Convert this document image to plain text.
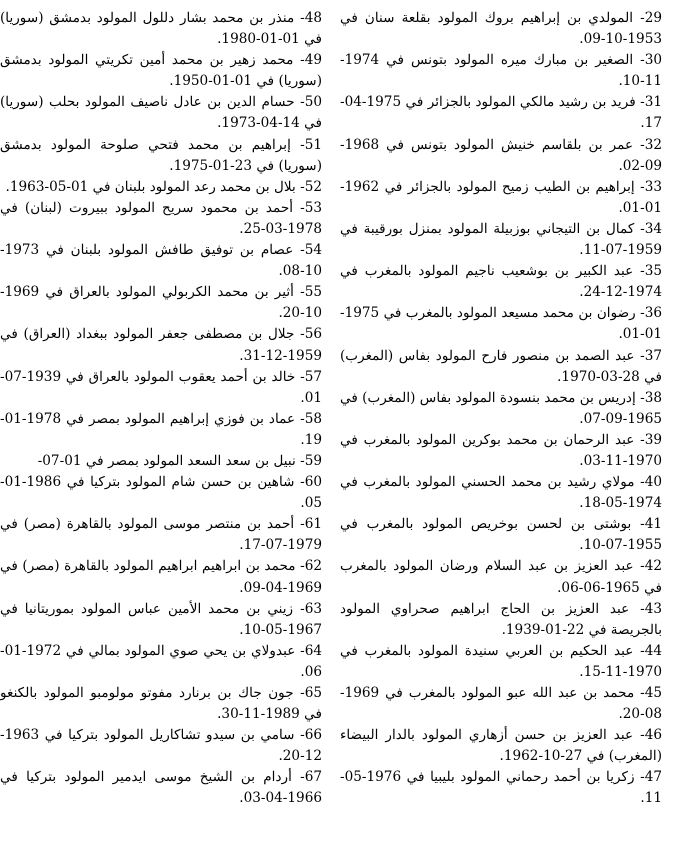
29- المولدي بن إبراهيم بروك المولود بقلعة سنان في 1953-10-09.
30- الصغير بن مبارك ميره المولود بتونس في 1974-11-10.
31- فريد بن رشيد مالكي المولود بالجزائر في 1975-04-17.
32- عمر بن بلقاسم خنيش المولود بتونس في 1968-09-02.
33- إبراهيم بن الطيب زميح المولود بالجزائر في 1962-01-01.
34- كمال بن التيجاني بوزبيلة المولود بمنزل بورقيبة في 1959-07-11.
35- عبد الكبير بن بوشعيب ناجيم المولود بالمغرب في 1974-12-24.
36- رضوان بن محمد مسيعد المولود بالمغرب في 1975-01-01.
37- عبد الصمد بن منصور فارح المولود بفاس (المغرب) في 28-03-1970.
38- إدريس بن محمد بنسودة المولود بفاس (المغرب) في 1965-09-07.
39- عبد الرحمان بن محمد بوكرين المولود بالمغرب في 1970-11-03.
40- مولاي رشيد بن محمد الحسني المولود بالمغرب في 1974-05-18.
41- بوشتى بن لحسن بوخريص المولود بالمغرب في 1955-07-10.
42- عبد العزيز بن عبد السلام ورضان المولود بالمغرب في 1965-06-06.
43- عبد العزيز بن الحاج ابراهيم صحراوي المولود بالجريصة في 22-01-1939.
44- عبد الحكيم بن العربي سنيدة المولود بالمغرب في 1970-11-15.
45- محمد بن عبد الله عبو المولود بالمغرب في 1969-08-20.
46- عبد العزيز بن حسن أزهاري المولود بالدار البيضاء (المغرب) في 27-10-1962.
47- زكريا بن أحمد رحماني المولود بليبيا في 1976-05-11.
48- منذر بن محمد بشار دللول المولود بدمشق (سوريا) في 01-01-1980.
49- محمد زهير بن محمد أمين تكريتي المولود بدمشق (سوريا) في 01-01-1950.
50- حسام الدين بن عادل ناصيف المولود بحلب (سوريا) في 14-04-1973.
51- إبراهيم بن محمد فتحي صلوحة المولود بدمشق (سوريا) في 23-01-1975.
52- بلال بن محمد رعد المولود بلبنان في 01-05-1963.
53- أحمد بن محمود سريح المولود ببيروت (لبنان) في 1978-03-25.
54- عصام بن توفيق طافش المولود بلبنان في 1973-10-08.
55- أثير بن محمد الكربولي المولود بالعراق في 1969-10-20.
56- جلال بن مصطفى جعفر المولود ببغداد (العراق) في 1959-12-31.
57- خالد بن أحمد يعقوب المولود بالعراق في 1939-07-01.
58- عماد بن فوزي إبراهيم المولود بمصر في 1978-01-19.
59- نبيل بن سعد السعد المولود بمصر في 01-07-
60- شاهين بن حسن شام المولود بتركيا في 1986-01-05.
61- أحمد بن منتصر موسى المولود بالقاهرة (مصر) في 1979-07-17.
62- محمد بن ابراهيم ابراهيم المولود بالقاهرة (مصر) في 1969-04-09.
63- زيني بن محمد الأمين عباس المولود بموريتانيا في 1967-05-10.
64- عبدولاي بن يحي صوي المولود بمالي في 1972-01-06.
65- جون جاك بن برنارد مفوتو مولومبو المولود بالكنغو في 1989-11-30.
66- سامي بن سيدو تشاكاريل المولود بتركيا في 1963-12-20.
67- أردام بن الشيخ موسى ايدمير المولود بتركيا في 1966-04-03.
